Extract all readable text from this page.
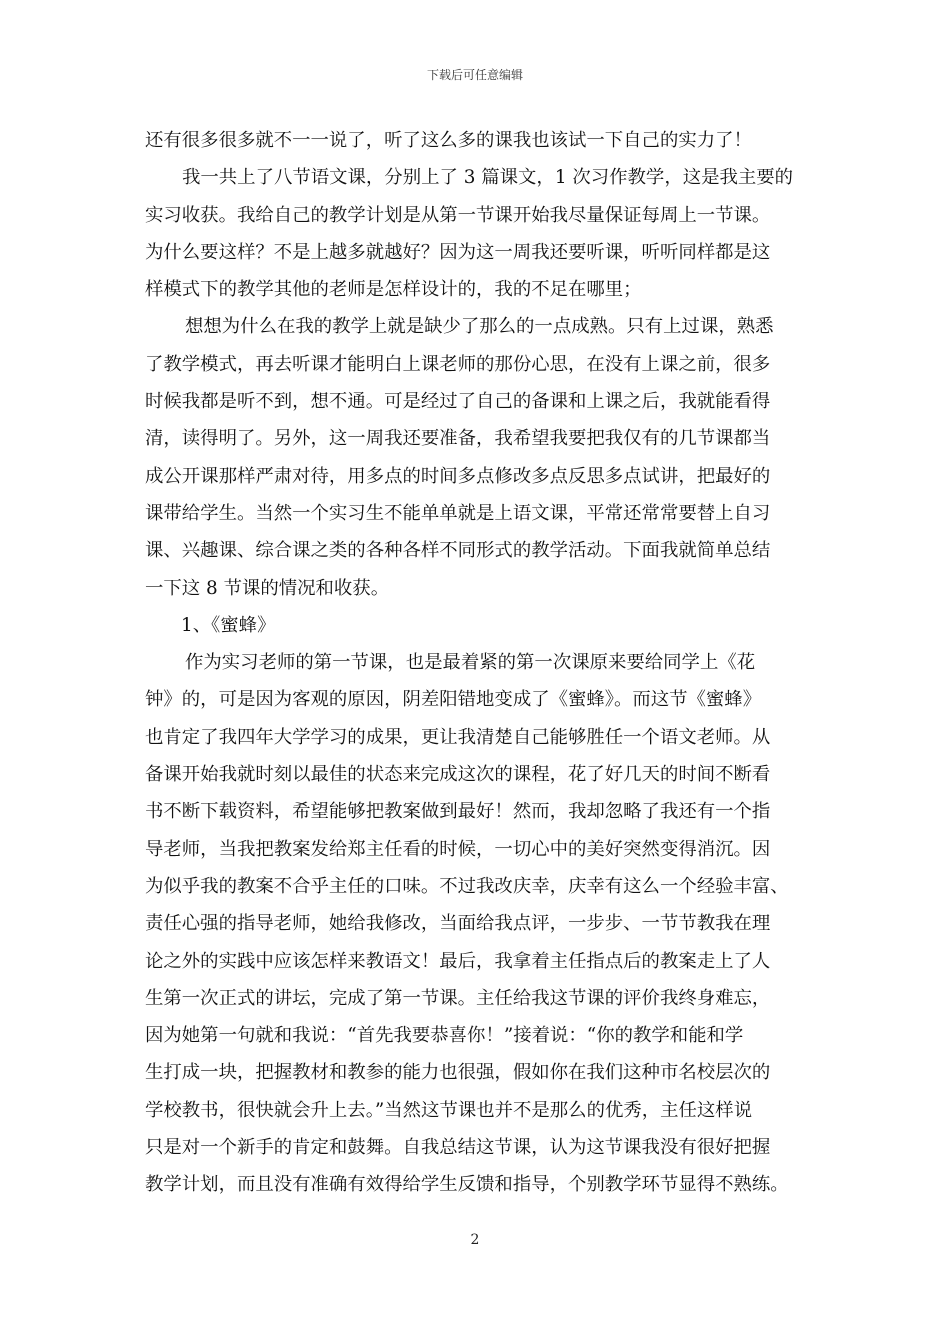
下载后可任意编辑
还有很多很多就不一一说了，听了这么多的课我也该试一下自己的实力了！
我一共上了八节语文课，分别上了 3 篇课文，1 次习作教学，这是我主要的
实习收获。我给自己的教学计划是从第一节课开始我尽量保证每周上一节课。
为什么要这样？不是上越多就越好？因为这一周我还要听课，听听同样都是这
样模式下的教学其他的老师是怎样设计的，我的不足在哪里；
想想为什么在我的教学上就是缺少了那么的一点成熟。只有上过课，熟悉
了教学模式，再去听课才能明白上课老师的那份心思，在没有上课之前，很多
时候我都是听不到，想不通。可是经过了自己的备课和上课之后，我就能看得
清，读得明了。另外，这一周我还要准备，我希望我要把我仅有的几节课都当
成公开课那样严肃对待，用多点的时间多点修改多点反思多点试讲，把最好的
课带给学生。当然一个实习生不能单单就是上语文课，平常还常常要替上自习
课、兴趣课、综合课之类的各种各样不同形式的教学活动。下面我就简单总结
一下这 8 节课的情况和收获。
1、《蜜蜂》
作为实习老师的第一节课，也是最着紧的第一次课原来要给同学上《花
钟》的，可是因为客观的原因，阴差阳错地变成了《蜜蜂》。而这节《蜜蜂》
也肯定了我四年大学学习的成果，更让我清楚自己能够胜任一个语文老师。从
备课开始我就时刻以最佳的状态来完成这次的课程，花了好几天的时间不断看
书不断下载资料，希望能够把教案做到最好！然而，我却忽略了我还有一个指
导老师，当我把教案发给郑主任看的时候，一切心中的美好突然变得消沉。因
为似乎我的教案不合乎主任的口味。不过我改庆幸，庆幸有这么一个经验丰富、
责任心强的指导老师，她给我修改，当面给我点评，一步步、一节节教我在理
论之外的实践中应该怎样来教语文！最后，我拿着主任指点后的教案走上了人
生第一次正式的讲坛，完成了第一节课。主任给我这节课的评价我终身难忘，
因为她第一句就和我说：“首先我要恭喜你！”接着说：“你的教学和能和学
生打成一块，把握教材和教参的能力也很强，假如你在我们这种市名校层次的
学校教书，很快就会升上去。”当然这节课也并不是那么的优秀，主任这样说
只是对一个新手的肯定和鼓舞。自我总结这节课，认为这节课我没有很好把握
教学计划，而且没有准确有效得给学生反馈和指导，个别教学环节显得不熟练。
2
